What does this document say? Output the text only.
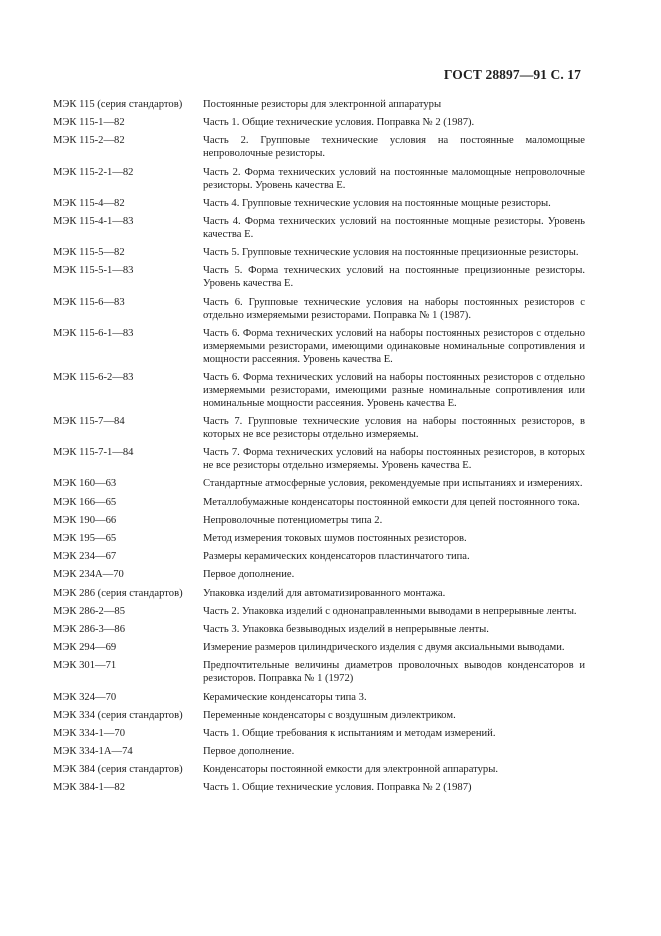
ГОСТ 28897—91 С. 17
МЭК 115 (серия стандартов)	Постоянные резисторы для электронной аппаратуры
МЭК 115-1—82	Часть 1. Общие технические условия. Поправка № 2 (1987).
МЭК 115-2—82	Часть 2. Групповые технические условия на постоянные маломощные непроволочные резисторы.
МЭК 115-2-1—82	Часть 2. Форма технических условий на постоянные маломощные непроволочные резисторы. Уровень качества Е.
МЭК 115-4—82	Часть 4. Групповые технические условия на постоянные мощные резисторы.
МЭК 115-4-1—83	Часть 4. Форма технических условий на постоянные мощные резисторы. Уровень качества Е.
МЭК 115-5—82	Часть 5. Групповые технические условия на постоянные прецизионные резисторы.
МЭК 115-5-1—83	Часть 5. Форма технических условий на постоянные прецизионные резисторы. Уровень качества Е.
МЭК 115-6—83	Часть 6. Групповые технические условия на наборы постоянных резисторов с отдельно измеряемыми резисторами. Поправка № 1 (1987).
МЭК 115-6-1—83	Часть 6. Форма технических условий на наборы постоянных резисторов с отдельно измеряемыми резисторами, имеющими одинаковые номинальные сопротивления и мощности рассеяния. Уровень качества Е.
МЭК 115-6-2—83	Часть 6. Форма технических условий на наборы постоянных резисторов с отдельно измеряемыми резисторами, имеющими разные номинальные сопротивления или номинальные мощности рассеяния. Уровень качества Е.
МЭК 115-7—84	Часть 7. Групповые технические условия на наборы постоянных резисторов, в которых не все резисторы отдельно измеряемы.
МЭК 115-7-1—84	Часть 7. Форма технических условий на наборы постоянных резисторов, в которых не все резисторы отдельно измеряемы. Уровень качества Е.
МЭК 160—63	Стандартные атмосферные условия, рекомендуемые при испытаниях и измерениях.
МЭК 166—65	Металлобумажные конденсаторы постоянной емкости для цепей постоянного тока.
МЭК 190—66	Непроволочные потенциометры типа 2.
МЭК 195—65	Метод измерения токовых шумов постоянных резисторов.
МЭК 234—67	Размеры керамических конденсаторов пластинчатого типа.
МЭК 234А—70	Первое дополнение.
МЭК 286 (серия стандартов)	Упаковка изделий для автоматизированного монтажа.
МЭК 286-2—85	Часть 2. Упаковка изделий с однонаправленными выводами в непрерывные ленты.
МЭК 286-3—86	Часть 3. Упаковка безвыводных изделий в непрерывные ленты.
МЭК 294—69	Измерение размеров цилиндрического изделия с двумя аксиальными выводами.
МЭК 301—71	Предпочтительные величины диаметров проволочных выводов конденсаторов и резисторов. Поправка № 1 (1972)
МЭК 324—70	Керамические конденсаторы типа 3.
МЭК 334 (серия стандартов)	Переменные конденсаторы с воздушным диэлектриком.
МЭК 334-1—70	Часть 1. Общие требования к испытаниям и методам измерений.
МЭК 334-1А—74	Первое дополнение.
МЭК 384 (серия стандартов)	Конденсаторы постоянной емкости для электронной аппаратуры.
МЭК 384-1—82	Часть 1. Общие технические условия. Поправка № 2 (1987)
